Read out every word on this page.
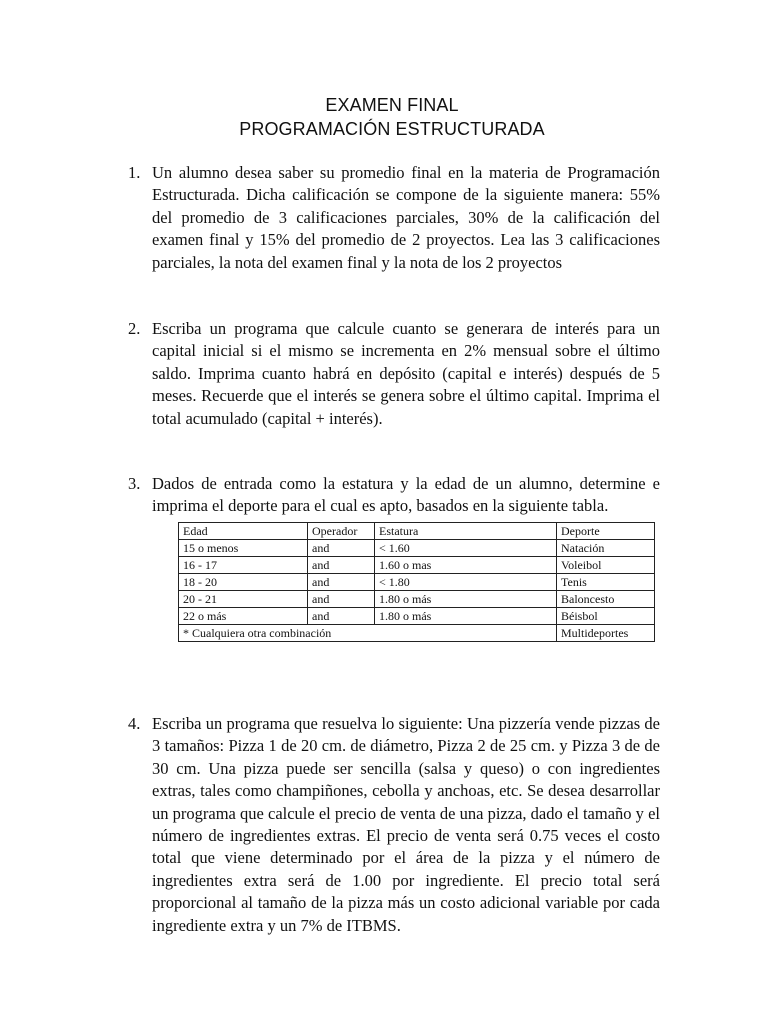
EXAMEN FINAL
PROGRAMACIÓN ESTRUCTURADA
1. Un alumno desea saber su promedio final en la materia de Programación Estructurada. Dicha calificación se compone de la siguiente manera: 55% del promedio de 3 calificaciones parciales, 30% de la calificación del examen final y 15% del promedio de 2 proyectos. Lea las 3 calificaciones parciales, la nota del examen final y la nota de los 2 proyectos
2. Escriba un programa que calcule cuanto se generara de interés para un capital inicial si el mismo se incrementa en 2% mensual sobre el último saldo. Imprima cuanto habrá en depósito (capital e interés) después de 5 meses. Recuerde que el interés se genera sobre el último capital. Imprima el total acumulado (capital + interés).
3. Dados de entrada como la estatura y la edad de un alumno, determine e imprima el deporte para el cual es apto, basados en la siguiente tabla.
Edad	Operador	Estatura	Deporte
15 o menos	and	< 1.60	Natación
16 - 17	and	1.60 o mas	Voleibol
18 - 20	and	< 1.80	Tenis
20 - 21	and	1.80 o más	Baloncesto
22 o más	and	1.80 o más	Béisbol
* Cualquiera otra combinación			Multideportes
4. Escriba un programa que resuelva lo siguiente: Una pizzería vende pizzas de 3 tamaños: Pizza 1 de 20 cm. de diámetro, Pizza 2 de 25 cm. y Pizza 3 de de 30 cm. Una pizza puede ser sencilla (salsa y queso) o con ingredientes extras, tales como champiñones, cebolla y anchoas, etc. Se desea desarrollar un programa que calcule el precio de venta de una pizza, dado el tamaño y el número de ingredientes extras. El precio de venta será 0.75 veces el costo total que viene determinado por el área de la pizza y el número de ingredientes extra será de 1.00 por ingrediente. El precio total será proporcional al tamaño de la pizza más un costo adicional variable por cada ingrediente extra y un 7% de ITBMS.
